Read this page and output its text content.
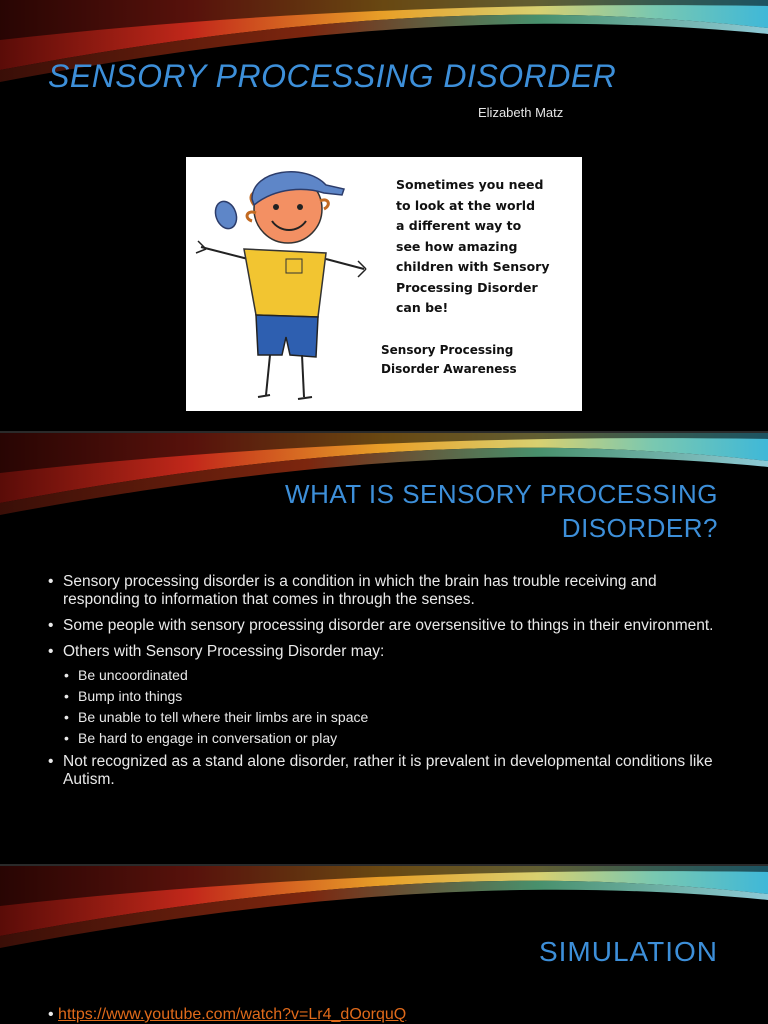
SENSORY PROCESSING DISORDER
Elizabeth Matz
Sometimes you need
to look at the world
a different way to
see how amazing
children with Sensory
Processing Disorder
can be!
Sensory Processing
Disorder Awareness
WHAT IS SENSORY PROCESSING DISORDER?
• Sensory processing disorder is a condition in which the brain has trouble receiving and responding to information that comes in through the senses.
• Some people with sensory processing disorder are oversensitive to things in their environment.
• Others with Sensory Processing Disorder may:
• Be uncoordinated
• Bump into things
• Be unable to tell where their limbs are in space
• Be hard to engage in conversation or play
• Not recognized as a stand alone disorder, rather it is prevalent in developmental conditions like Autism.
SIMULATION
• https://www.youtube.com/watch?v=Lr4_dOorquQ
